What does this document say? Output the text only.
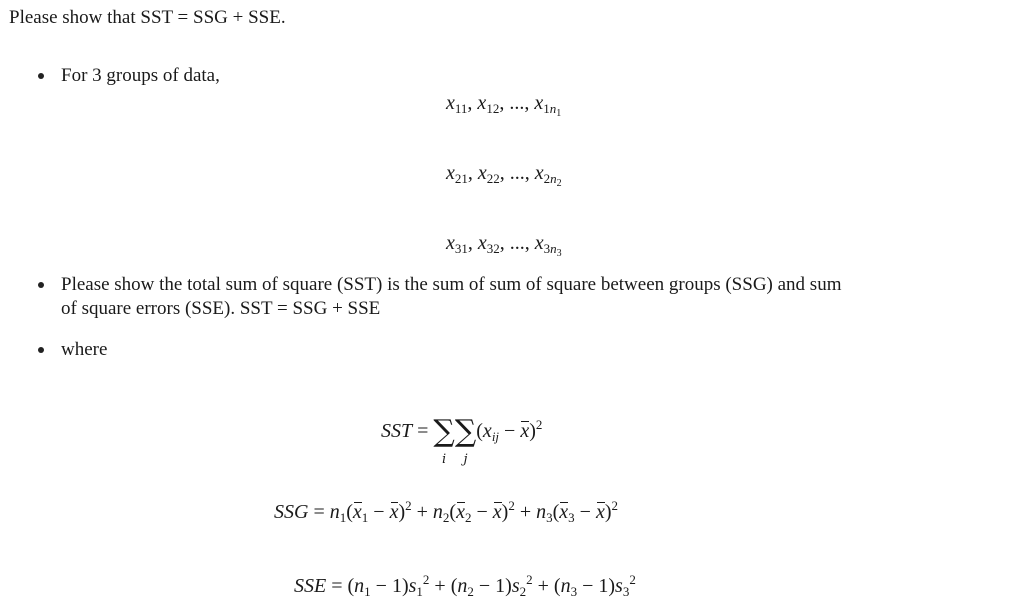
Please show that SST = SSG + SSE.
For 3 groups of data,
$x_{11}$, $x_{12}$, ..., $x_{1n_1}$
$x_{21}$, $x_{22}$, ..., $x_{2n_2}$
$x_{31}$, $x_{32}$, ..., $x_{3n_3}$
Please show the total sum of square (SST) is the sum of sum of square between groups (SSG) and sum
of square errors (SSE). SST = SSG + SSE
where
SST = ∑
i
∑
j
$(x_{ij} - x)^2$
SSG = $n_1(x_1 - x)^2 + n_2(x_2 - x)^2 + n_3(x_3 - x)^2$
SSE = $(n_1 - 1)s_1^2 + (n_2 - 1)s_2^2 + (n_3 - 1)s_3^2$
